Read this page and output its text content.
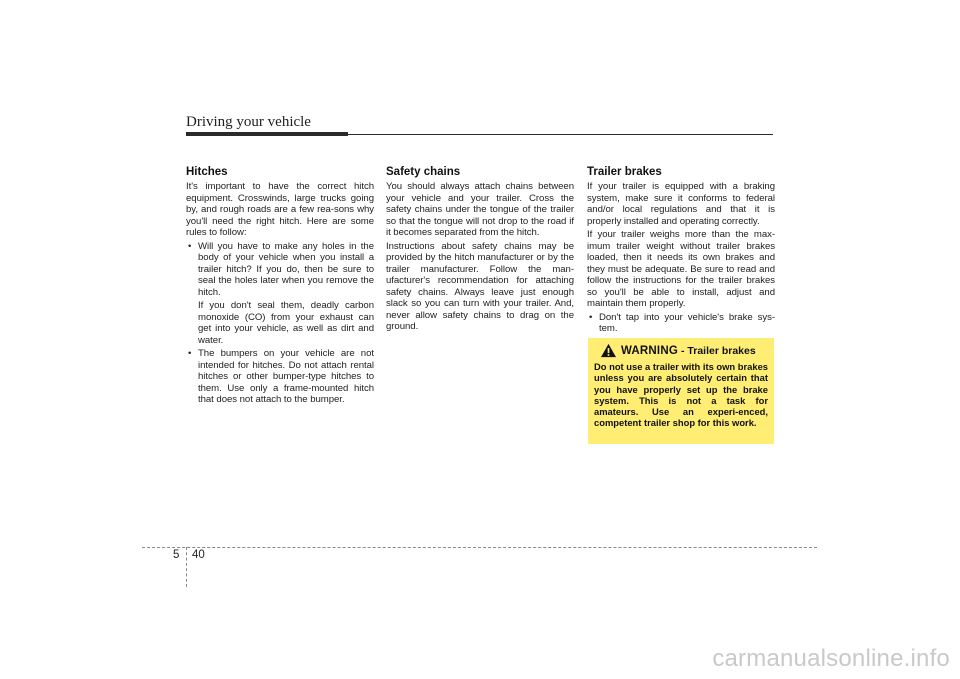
Driving your vehicle
Hitches

It's important to have the correct hitch equipment. Crosswinds, large trucks going by, and rough roads are a few rea-sons why you'll need the right hitch. Here are some rules to follow:

• Will you have to make any holes in the body of your vehicle when you install a trailer hitch? If you do, then be sure to seal the holes later when you remove the hitch.

If you don't seal them, deadly carbon monoxide (CO) from your exhaust can get into your vehicle, as well as dirt and water.

• The bumpers on your vehicle are not intended for hitches. Do not attach rental hitches or other bumper-type hitches to them. Use only a frame-mounted hitch that does not attach to the bumper.

Safety chains

You should always attach chains between your vehicle and your trailer. Cross the safety chains under the tongue of the trailer so that the tongue will not drop to the road if it becomes separated from the hitch.

Instructions about safety chains may be provided by the hitch manufacturer or by the trailer manufacturer. Follow the man-ufacturer's recommendation for attaching safety chains. Always leave just enough slack so you can turn with your trailer. And, never allow safety chains to drag on the ground.

Trailer brakes

If your trailer is equipped with a braking system, make sure it conforms to federal and/or local regulations and that it is properly installed and operating correctly.

If your trailer weighs more than the max-imum trailer weight without trailer brakes loaded, then it needs its own brakes and they must be adequate. Be sure to read and follow the instructions for the trailer brakes so you'll be able to install, adjust and maintain them properly.

• Don't tap into your vehicle's brake sys-tem.

WARNING - Trailer brakes

Do not use a trailer with its own brakes unless you are absolutely certain that you have properly set up the brake system. This is not a task for amateurs. Use an experi-enced, competent trailer shop for this work.

5 40
carmanualsonline.info
